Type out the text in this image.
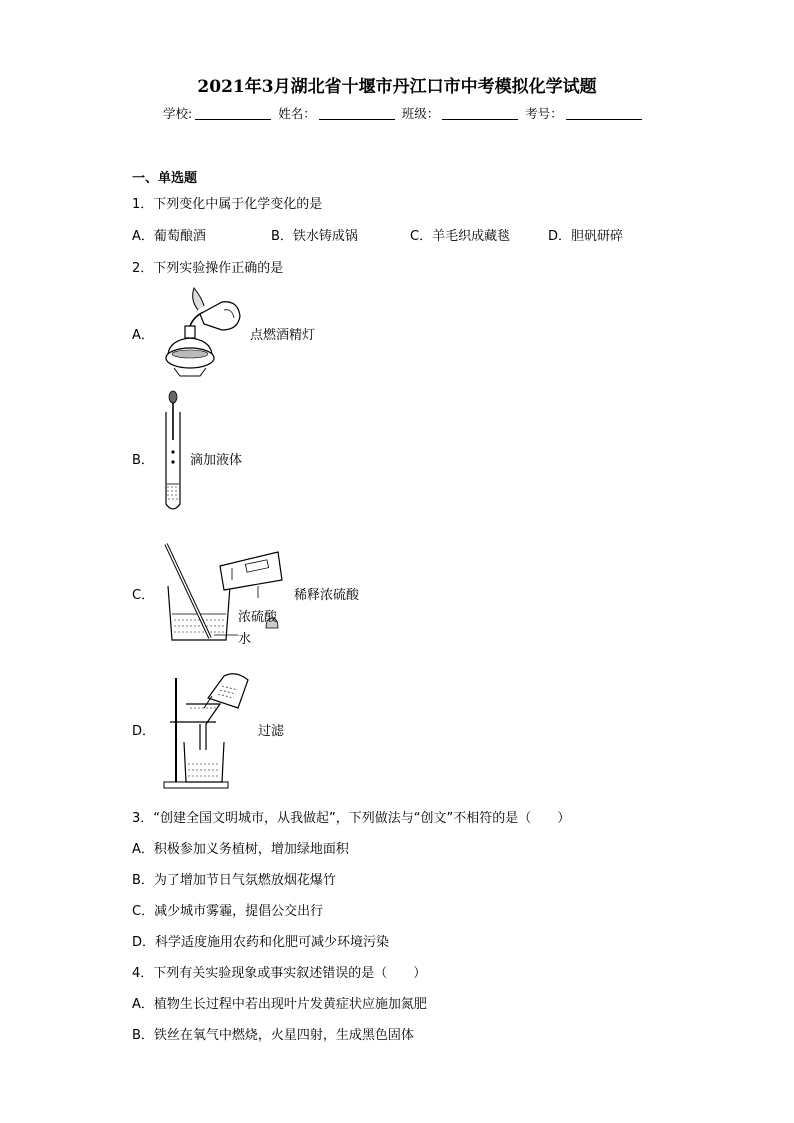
2021年3月湖北省十堰市丹江口市中考模拟化学试题
学校:	姓名：	班级：	考号：
一、单选题
1．下列变化中属于化学变化的是
A．葡萄酿酒	B．铁水铸成锅	C．羊毛织成藏毯	D．胆矾研碎
2．下列实验操作正确的是
A．	点燃酒精灯
B．	滴加液体
C．	稀释浓硫酸
浓硫酸
水
D．	过滤
3．“创建全国文明城市，从我做起”，下列做法与“创文”不相符的是（　　）
A．积极参加义务植树，增加绿地面积
B．为了增加节日气氛燃放烟花爆竹
C．减少城市雾霾，提倡公交出行
D．科学适度施用农药和化肥可减少环境污染
4．下列有关实验现象或事实叙述错误的是（　　）
A．植物生长过程中若出现叶片发黄症状应施加氮肥
B．铁丝在氧气中燃烧，火星四射，生成黑色固体
